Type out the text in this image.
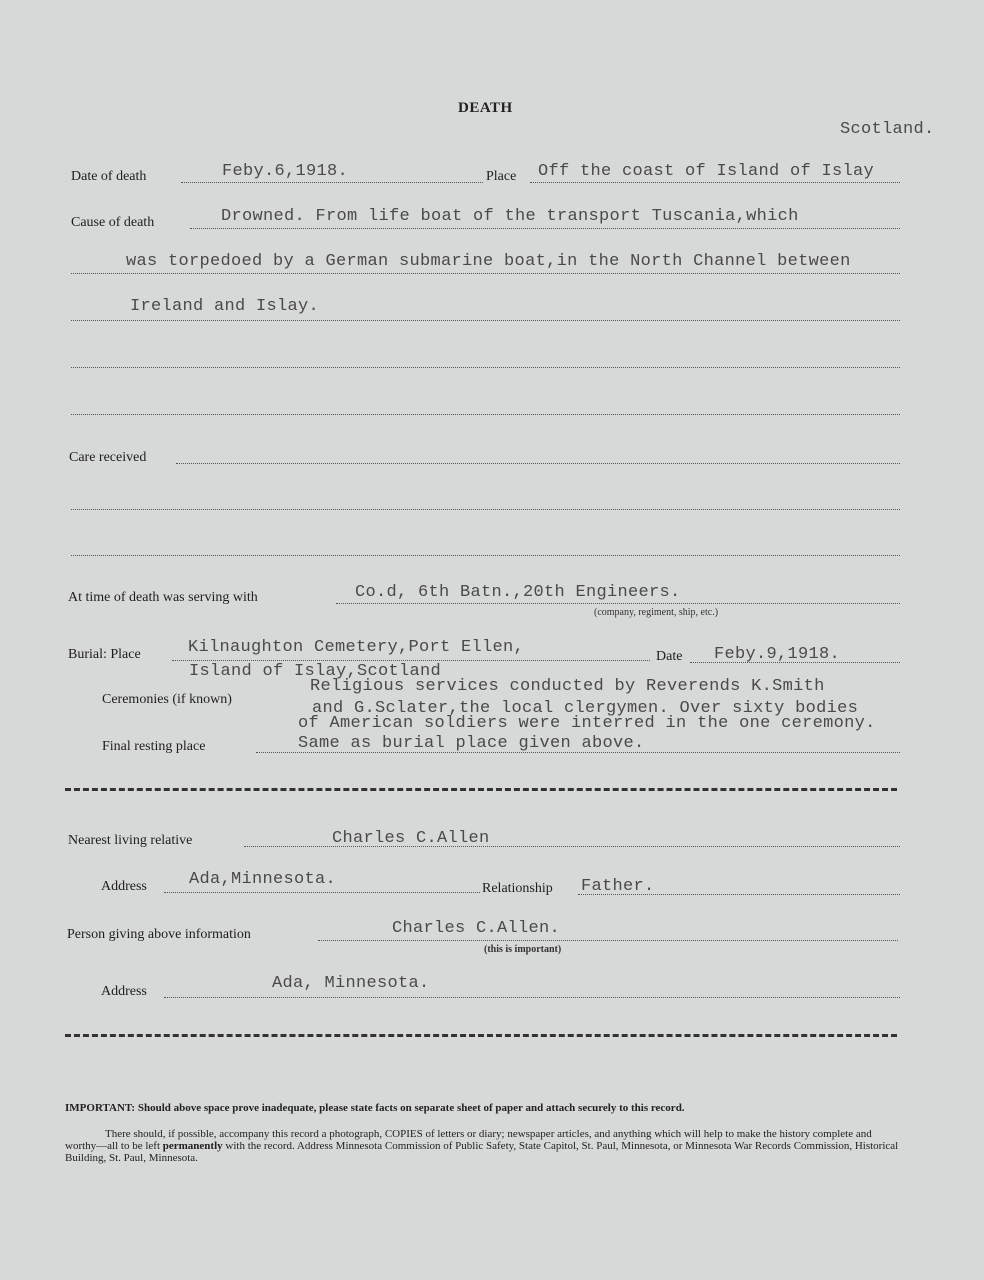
DEATH
Scotland.
Date of death	Feby.6,1918.	Place Off the coast of Island of Islay
Cause of death	Drowned. From life boat of the transport Tuscania,which
was torpedoed by a German submarine boat,in the North Channel between
Ireland and Islay.
Care received
At time of death was serving with	Co.d, 6th Batn.,20th Engineers.
(company, regiment, ship, etc.)
Burial: Place	Kilnaughton Cemetery,Port Ellen,
Island of Islay,Scotland
Date Feby.9,1918.
Ceremonies (if known)
Religious services conducted by Reverends K.Smith
and G.Sclater,the local clergymen. Over sixty bodies
of American soldiers were interred in the one ceremony.
Final resting place	Same as burial place given above.
Nearest living relative	Charles C.Allen
Address Ada,Minnesota.	Relationship Father.
Person giving above information	Charles C.Allen.
(this is important)
Address	Ada, Minnesota.
IMPORTANT: Should above space prove inadequate, please state facts on separate sheet of paper and attach securely to this record.
There should, if possible, accompany this record a photograph, COPIES of letters or diary; newspaper articles, and anything which will help to make the history complete and worthy—all to be left permanently with the record. Address Minnesota Commission of Public Safety, State Capitol, St. Paul, Minnesota, or Minnesota War Records Commission, Historical Building, St. Paul, Minnesota.
